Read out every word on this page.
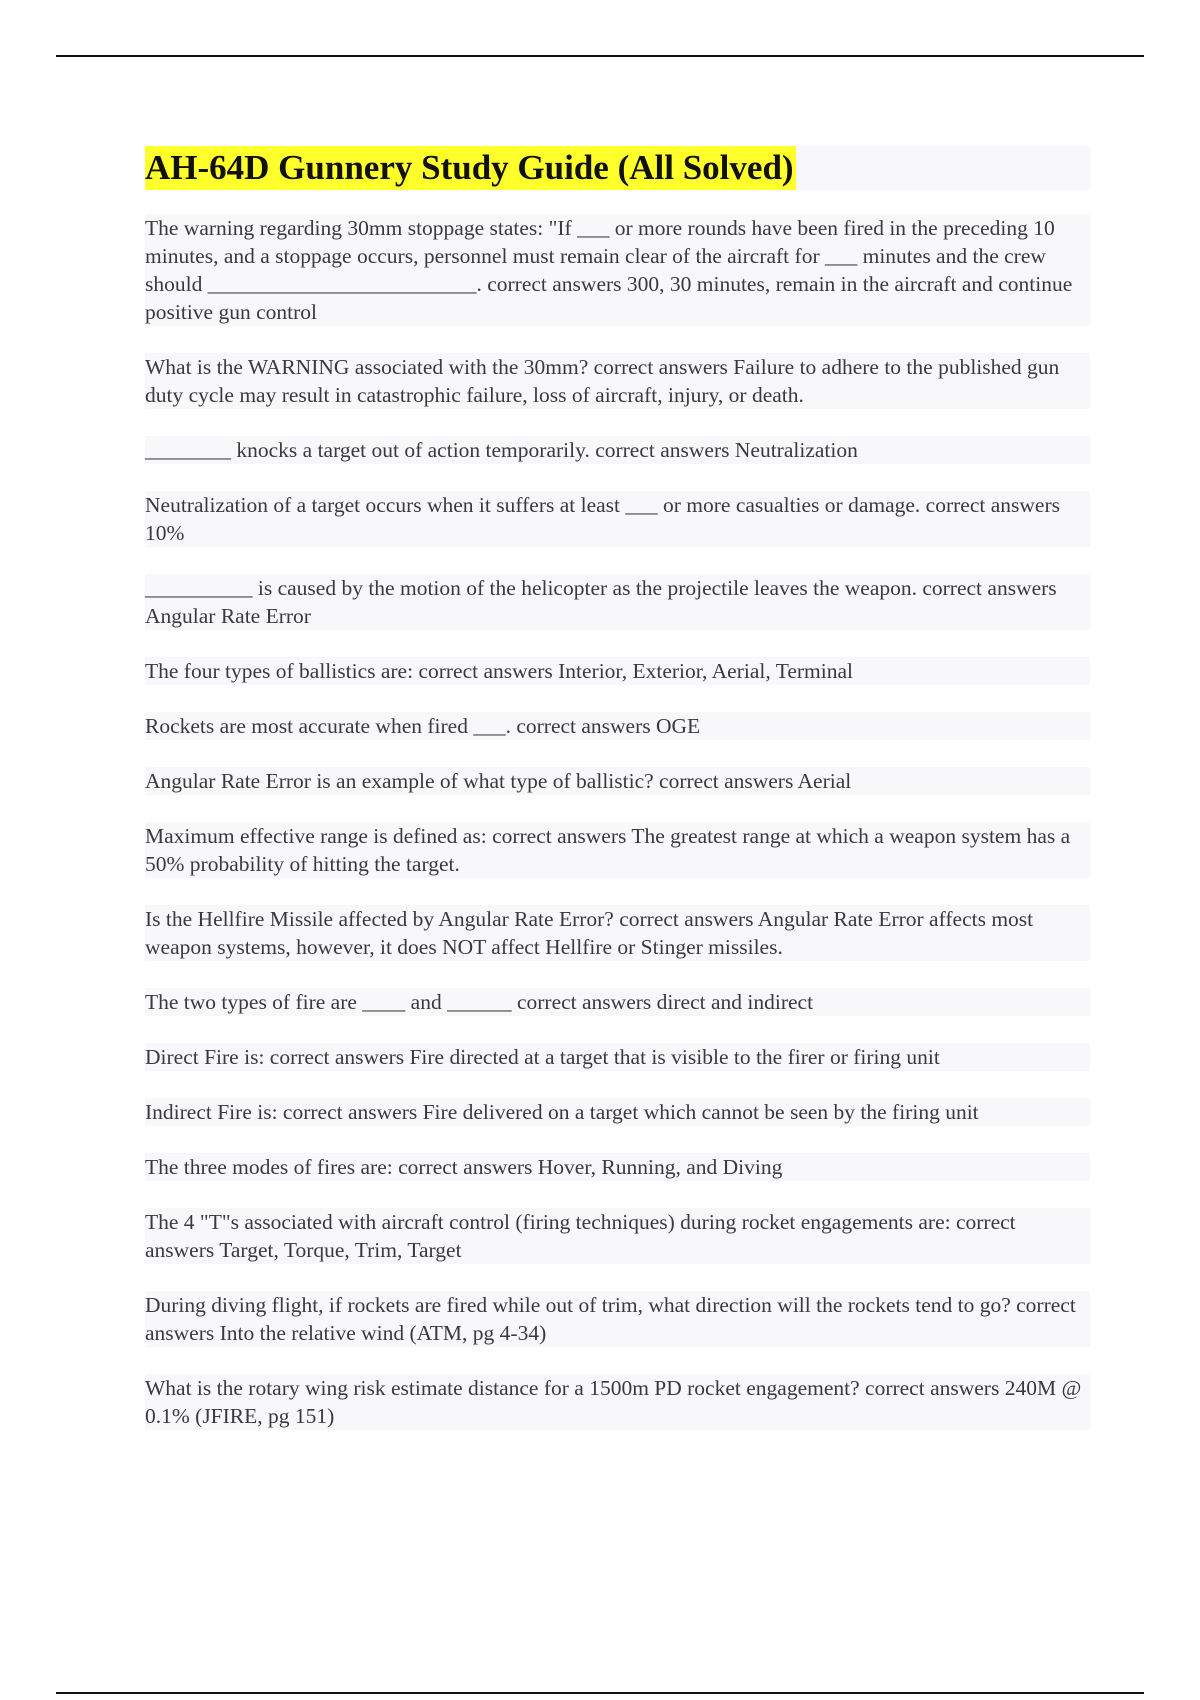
AH-64D Gunnery Study Guide (All Solved)
The warning regarding 30mm stoppage states: "If ___ or more rounds have been fired in the preceding 10 minutes, and a stoppage occurs, personnel must remain clear of the aircraft for ___ minutes and the crew should _________________________. correct answers 300, 30 minutes, remain in the aircraft and continue positive gun control
What is the WARNING associated with the 30mm? correct answers Failure to adhere to the published gun duty cycle may result in catastrophic failure, loss of aircraft, injury, or death.
________ knocks a target out of action temporarily. correct answers Neutralization
Neutralization of a target occurs when it suffers at least ___ or more casualties or damage. correct answers 10%
__________ is caused by the motion of the helicopter as the projectile leaves the weapon. correct answers Angular Rate Error
The four types of ballistics are: correct answers Interior, Exterior, Aerial, Terminal
Rockets are most accurate when fired ___. correct answers OGE
Angular Rate Error is an example of what type of ballistic? correct answers Aerial
Maximum effective range is defined as: correct answers The greatest range at which a weapon system has a 50% probability of hitting the target.
Is the Hellfire Missile affected by Angular Rate Error? correct answers Angular Rate Error affects most weapon systems, however, it does NOT affect Hellfire or Stinger missiles.
The two types of fire are ____ and ______ correct answers direct and indirect
Direct Fire is: correct answers Fire directed at a target that is visible to the firer or firing unit
Indirect Fire is: correct answers Fire delivered on a target which cannot be seen by the firing unit
The three modes of fires are: correct answers Hover, Running, and Diving
The 4 "T"s associated with aircraft control (firing techniques) during rocket engagements are: correct answers Target, Torque, Trim, Target
During diving flight, if rockets are fired while out of trim, what direction will the rockets tend to go? correct answers Into the relative wind (ATM, pg 4-34)
What is the rotary wing risk estimate distance for a 1500m PD rocket engagement? correct answers 240M @ 0.1% (JFIRE, pg 151)
